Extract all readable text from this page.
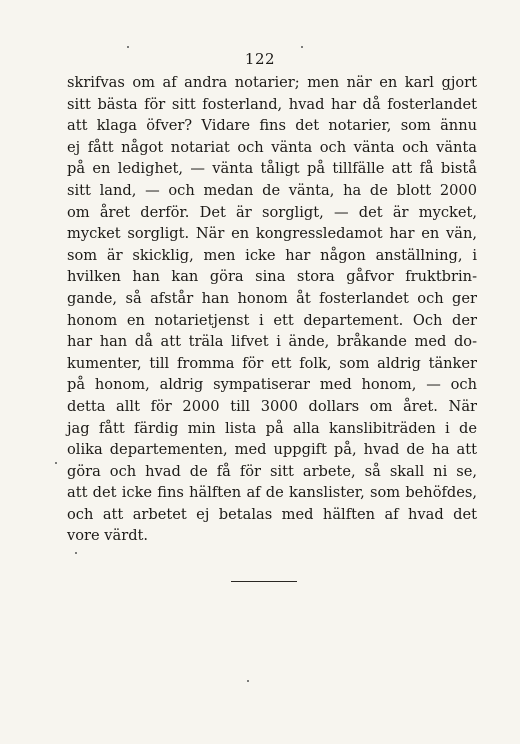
122
skrifvas om af andra notarier; men när en karl gjort
sitt bästa för sitt fosterland, hvad har då fosterlandet
att klaga öfver? Vidare fins det notarier, som ännu
ej fått något notariat och vänta och vänta och vänta
på en ledighet, — vänta tåligt på tillfälle att få bistå
sitt land, — och medan de vänta, ha de blott 2000
om året derför. Det är sorgligt, — det är mycket,
mycket sorgligt. När en kongressledamot har en vän,
som är skicklig, men icke har någon anställning, i
hvilken han kan göra sina stora gåfvor fruktbrin-
gande, så afstår han honom åt fosterlandet och ger
honom en notarietjenst i ett departement. Och der
har han då att träla lifvet i ände, bråkande med do-
kumenter, till fromma för ett folk, som aldrig tänker
på honom, aldrig sympatiserar med honom, — och
detta allt för 2000 till 3000 dollars om året. När
jag fått färdig min lista på alla kanslibiträden i de
olika departementen, med uppgift på, hvad de ha att
göra och hvad de få för sitt arbete, så skall ni se,
att det icke fins hälften af de kanslister, som behöfdes,
och att arbetet ej betalas med hälften af hvad det
vore värdt.
